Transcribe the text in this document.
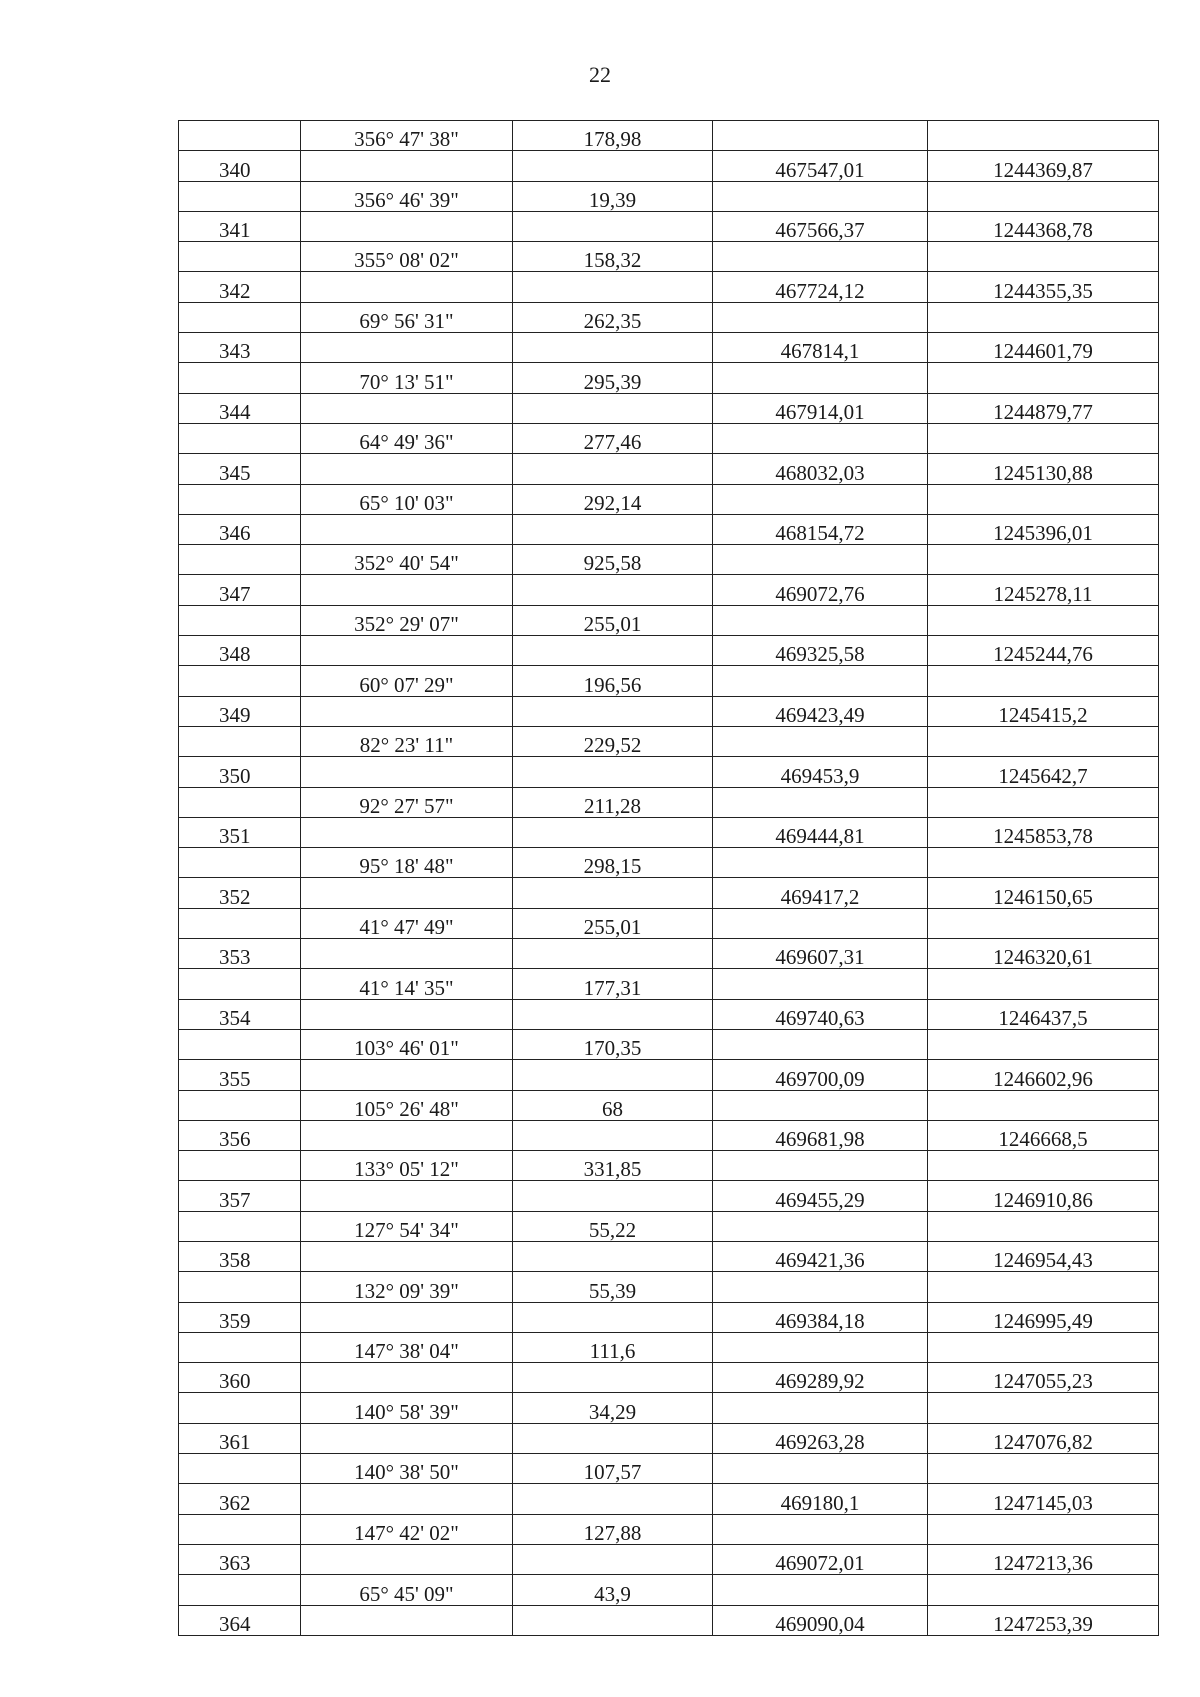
22
	356° 47' 38"	178,98		
340			467547,01	1244369,87
	356° 46' 39"	19,39		
341			467566,37	1244368,78
	355° 08' 02"	158,32		
342			467724,12	1244355,35
	69° 56' 31"	262,35		
343			467814,1	1244601,79
	70° 13' 51"	295,39		
344			467914,01	1244879,77
	64° 49' 36"	277,46		
345			468032,03	1245130,88
	65° 10' 03"	292,14		
346			468154,72	1245396,01
	352° 40' 54"	925,58		
347			469072,76	1245278,11
	352° 29' 07"	255,01		
348			469325,58	1245244,76
	60° 07' 29"	196,56		
349			469423,49	1245415,2
	82° 23' 11"	229,52		
350			469453,9	1245642,7
	92° 27' 57"	211,28		
351			469444,81	1245853,78
	95° 18' 48"	298,15		
352			469417,2	1246150,65
	41° 47' 49"	255,01		
353			469607,31	1246320,61
	41° 14' 35"	177,31		
354			469740,63	1246437,5
	103° 46' 01"	170,35		
355			469700,09	1246602,96
	105° 26' 48"	68		
356			469681,98	1246668,5
	133° 05' 12"	331,85		
357			469455,29	1246910,86
	127° 54' 34"	55,22		
358			469421,36	1246954,43
	132° 09' 39"	55,39		
359			469384,18	1246995,49
	147° 38' 04"	111,6		
360			469289,92	1247055,23
	140° 58' 39"	34,29		
361			469263,28	1247076,82
	140° 38' 50"	107,57		
362			469180,1	1247145,03
	147° 42' 02"	127,88		
363			469072,01	1247213,36
	65° 45' 09"	43,9		
364			469090,04	1247253,39
